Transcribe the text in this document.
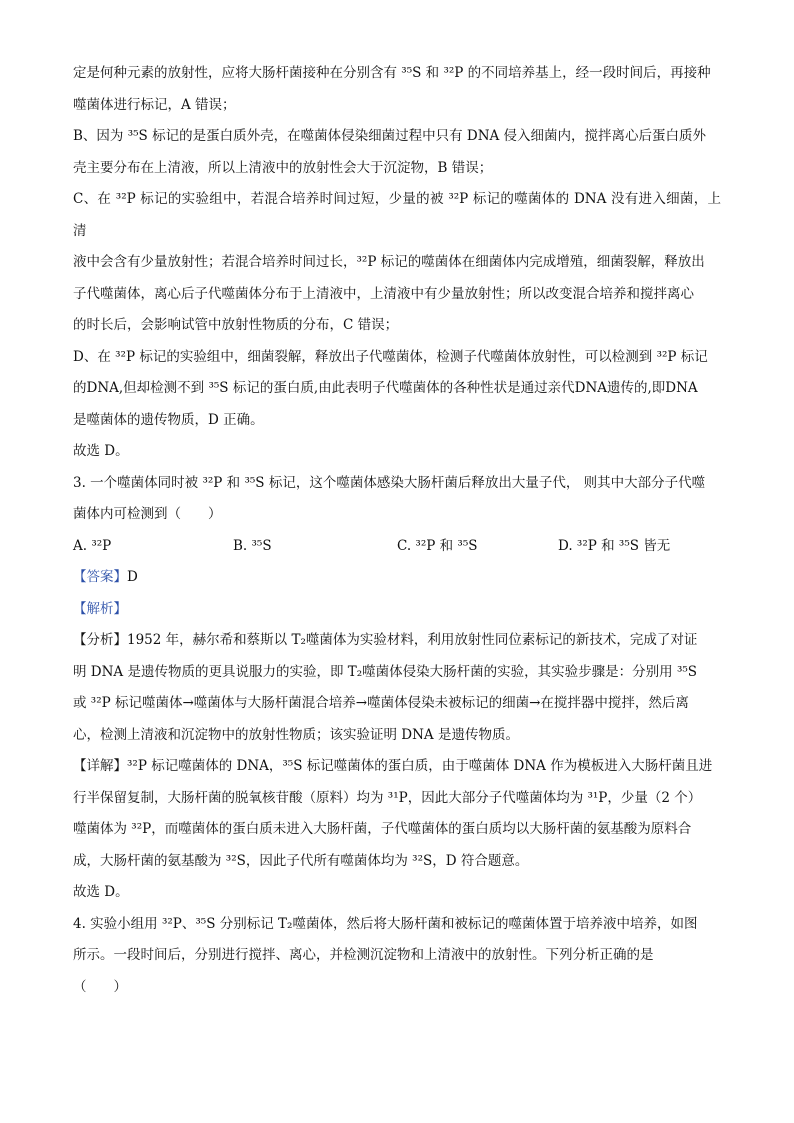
定是何种元素的放射性，应将大肠杆菌接种在分别含有 ³⁵S 和 ³²P 的不同培养基上，经一段时间后，再接种

噬菌体进行标记，A 错误；

B、因为 ³⁵S 标记的是蛋白质外壳，在噬菌体侵染细菌过程中只有 DNA 侵入细菌内，搅拌离心后蛋白质外

壳主要分布在上清液，所以上清液中的放射性会大于沉淀物，B 错误；

C、在 ³²P 标记的实验组中，若混合培养时间过短，少量的被 ³²P 标记的噬菌体的 DNA 没有进入细菌，上清

液中会含有少量放射性；若混合培养时间过长，³²P 标记的噬菌体在细菌体内完成增殖，细菌裂解，释放出

子代噬菌体，离心后子代噬菌体分布于上清液中，上清液中有少量放射性；所以改变混合培养和搅拌离心

的时长后，会影响试管中放射性物质的分布，C 错误；

D、在 ³²P 标记的实验组中，细菌裂解，释放出子代噬菌体，检测子代噬菌体放射性，可以检测到 ³²P 标记

的DNA,但却检测不到 ³⁵S 标记的蛋白质,由此表明子代噬菌体的各种性状是通过亲代DNA遗传的,即DNA

是噬菌体的遗传物质，D 正确。

故选 D。

3. 一个噬菌体同时被 ³²P 和 ³⁵S 标记，这个噬菌体感染大肠杆菌后释放出大量子代， 则其中大部分子代噬

菌体内可检测到（　　）

A. ³²P	B. ³⁵S	C. ³²P 和 ³⁵S	D. ³²P 和 ³⁵S 皆无

【答案】D

【解析】

【分析】1952 年，赫尔希和蔡斯以 T₂噬菌体为实验材料，利用放射性同位素标记的新技术，完成了对证

明 DNA 是遗传物质的更具说服力的实验，即 T₂噬菌体侵染大肠杆菌的实验，其实验步骤是：分别用 ³⁵S

或 ³²P 标记噬菌体→噬菌体与大肠杆菌混合培养→噬菌体侵染未被标记的细菌→在搅拌器中搅拌，然后离

心，检测上清液和沉淀物中的放射性物质；该实验证明 DNA 是遗传物质。

【详解】³²P 标记噬菌体的 DNA，³⁵S 标记噬菌体的蛋白质，由于噬菌体 DNA 作为模板进入大肠杆菌且进

行半保留复制，大肠杆菌的脱氧核苷酸（原料）均为 ³¹P，因此大部分子代噬菌体均为 ³¹P，少量（2 个）

噬菌体为 ³²P，而噬菌体的蛋白质未进入大肠杆菌，子代噬菌体的蛋白质均以大肠杆菌的氨基酸为原料合

成，大肠杆菌的氨基酸为 ³²S，因此子代所有噬菌体均为 ³²S，D 符合题意。

故选 D。

4. 实验小组用 ³²P、³⁵S 分别标记 T₂噬菌体，然后将大肠杆菌和被标记的噬菌体置于培养液中培养，如图

所示。一段时间后，分别进行搅拌、离心，并检测沉淀物和上清液中的放射性。下列分析正确的是

（　　）
